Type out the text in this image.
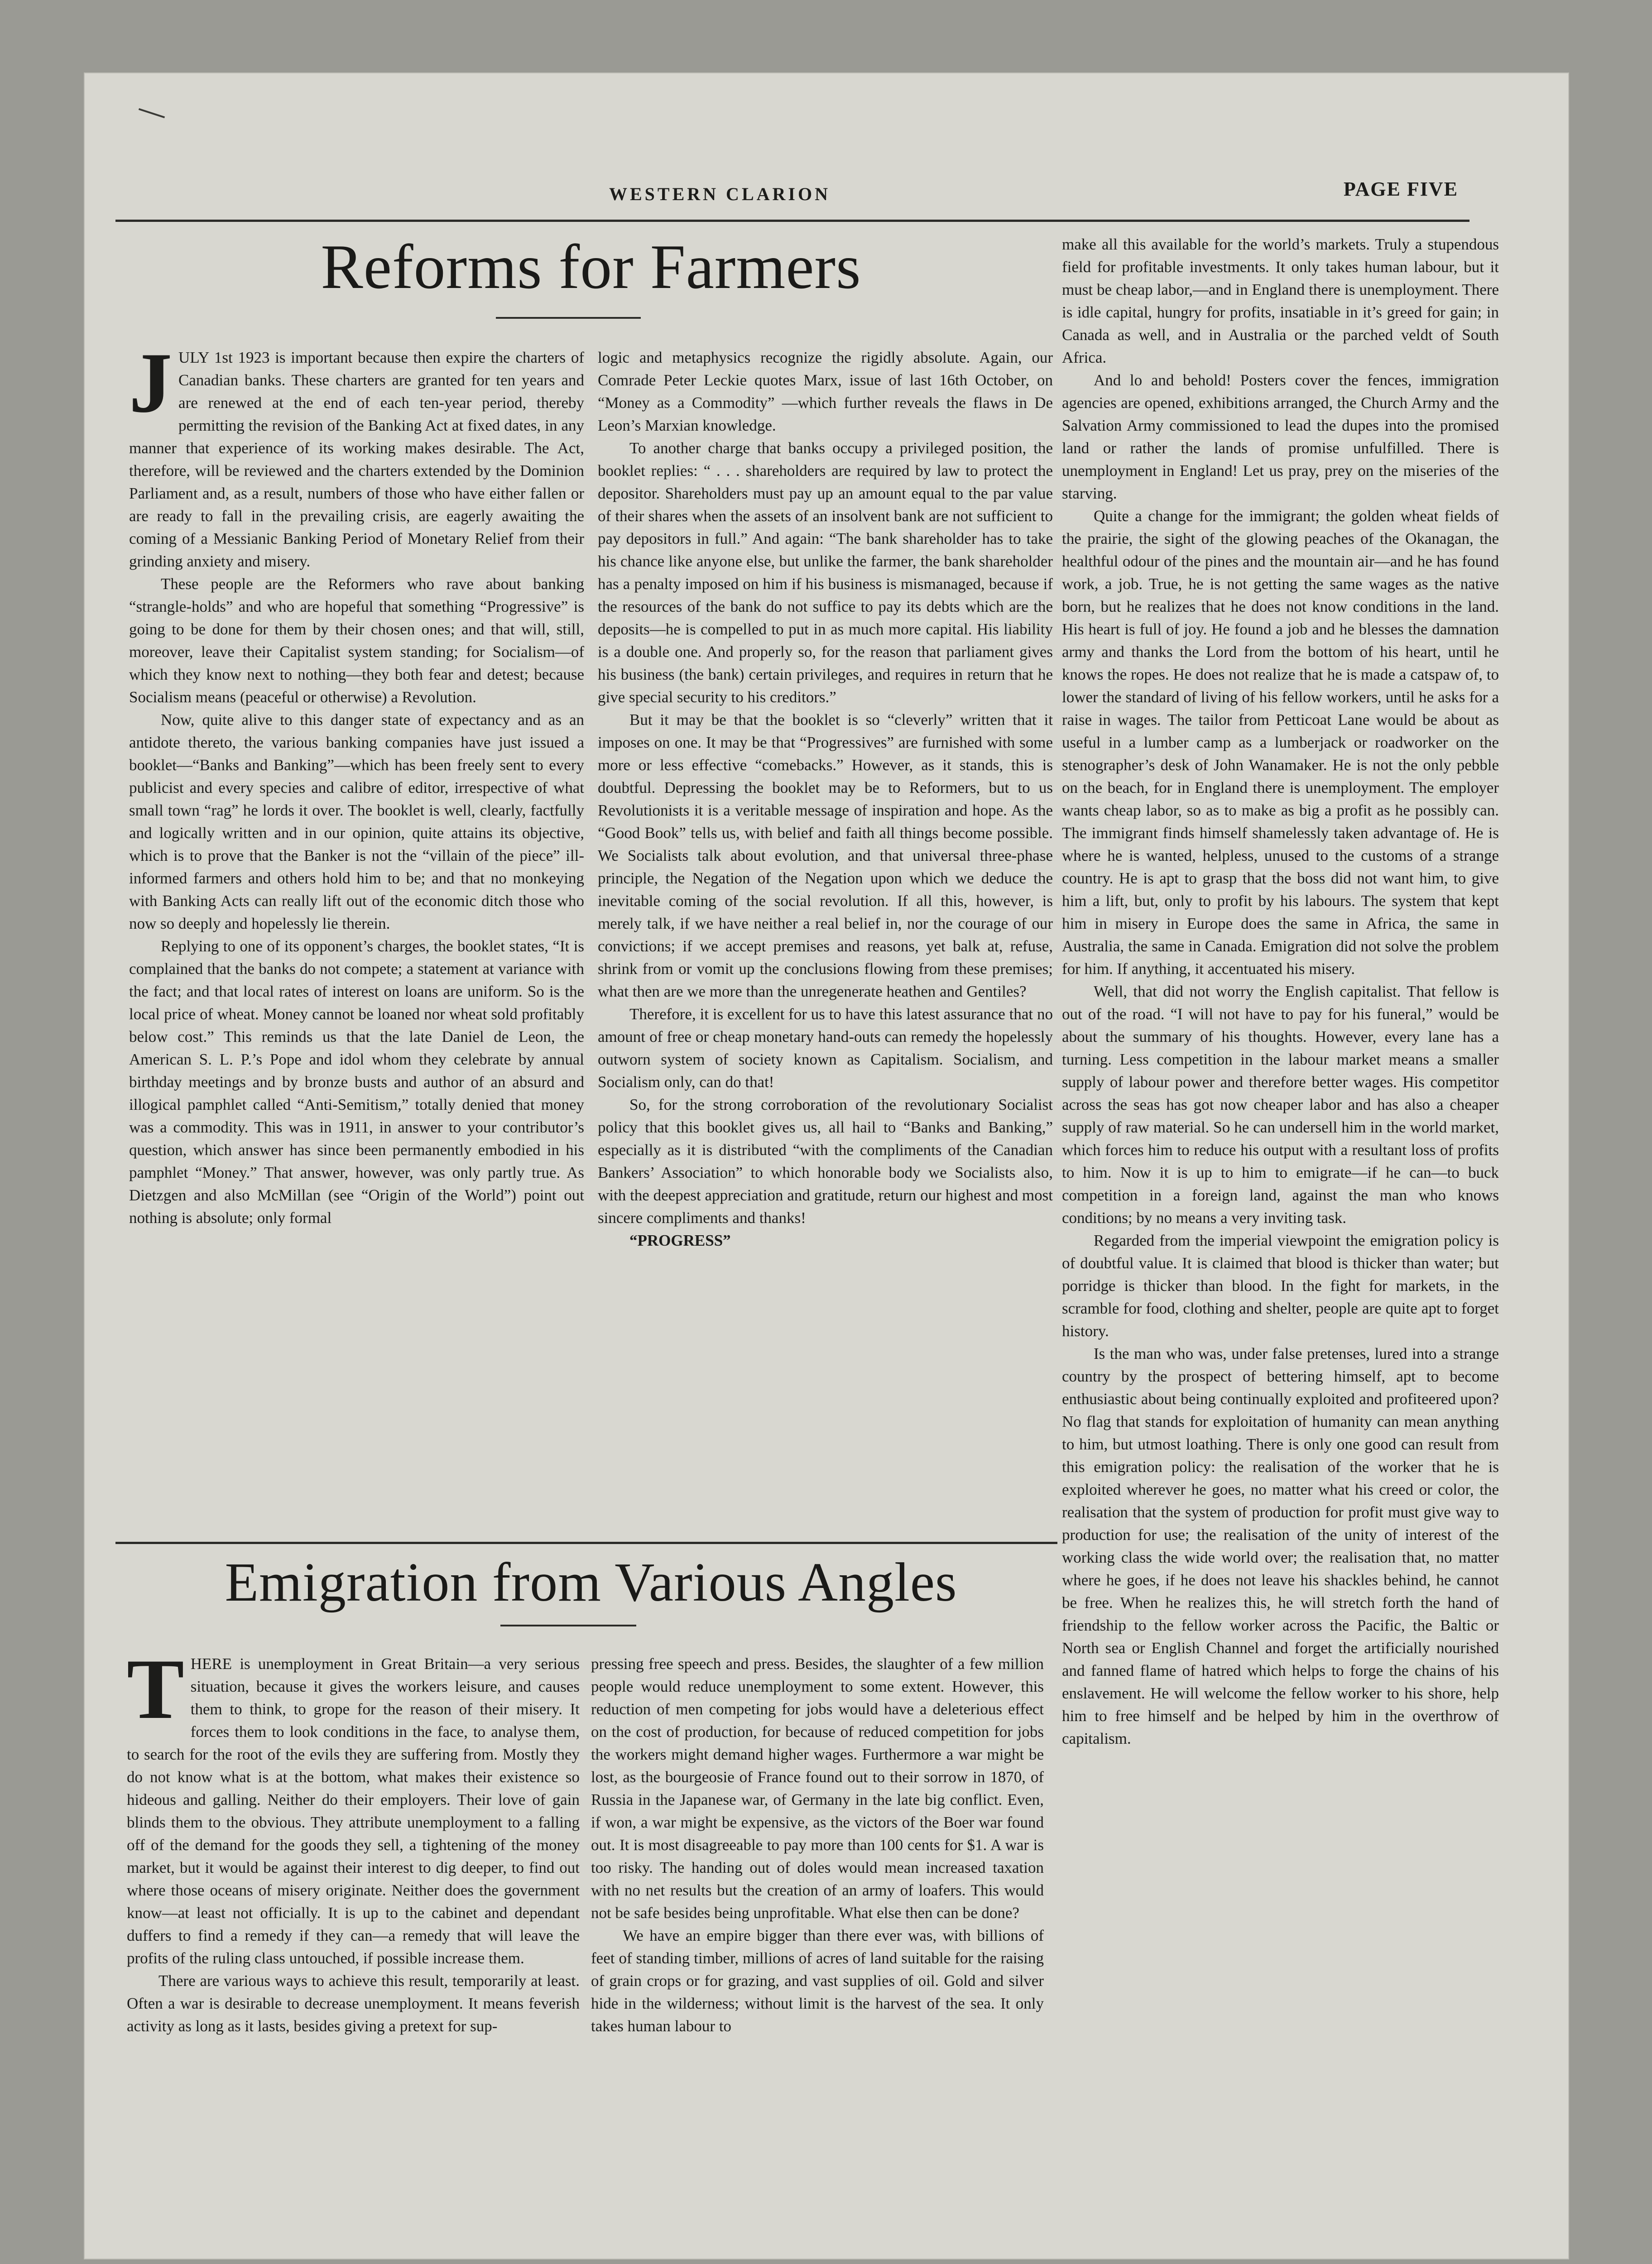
WESTERN CLARION	PAGE FIVE
Reforms for Farmers
J ULY 1st 1923 is important because then expire the charters of Canadian banks. These charters are granted for ten years and are renewed at the end of each ten-year period, thereby permitting the revision of the Banking Act at fixed dates, in any manner that experience of its working makes desirable. The Act, therefore, will be reviewed and the charters extended by the Dominion Parliament and, as a result, numbers of those who have either fallen or are ready to fall in the prevailing crisis, are eagerly awaiting the coming of a Messianic Banking Period of Monetary Relief from their grinding anxiety and misery.

These people are the Reformers who rave about banking “strangle-holds” and who are hopeful that something “Progressive” is going to be done for them by their chosen ones; and that will, still, moreover, leave their Capitalist system standing; for Socialism—of which they know next to nothing—they both fear and detest; because Socialism means (peaceful or otherwise) a Revolution.

Now, quite alive to this danger state of expectancy and as an antidote thereto, the various banking companies have just issued a booklet—“Banks and Banking”—which has been freely sent to every publicist and every species and calibre of editor, irrespective of what small town “rag” he lords it over. The booklet is well, clearly, factfully and logically written and in our opinion, quite attains its objective, which is to prove that the Banker is not the “villain of the piece” ill-informed farmers and others hold him to be; and that no monkeying with Banking Acts can really lift out of the economic ditch those who now so deeply and hopelessly lie therein.

Replying to one of its opponent’s charges, the booklet states, “It is complained that the banks do not compete; a statement at variance with the fact; and that local rates of interest on loans are uniform. So is the local price of wheat. Money cannot be loaned nor wheat sold profitably below cost.” This reminds us that the late Daniel de Leon, the American S. L. P.’s Pope and idol whom they celebrate by annual birthday meetings and by bronze busts and author of an absurd and illogical pamphlet called “Anti-Semitism,” totally denied that money was a commodity. This was in 1911, in answer to your contributor’s question, which answer has since been permanently embodied in his pamphlet “Money.” That answer, however, was only partly true. As Dietzgen and also McMillan (see “Origin of the World”) point out nothing is absolute; only formal

logic and metaphysics recognize the rigidly absolute. Again, our Comrade Peter Leckie quotes Marx, issue of last 16th October, on “Money as a Commodity” —which further reveals the flaws in De Leon’s Marxian knowledge.

To another charge that banks occupy a privileged position, the booklet replies: “ . . . shareholders are required by law to protect the depositor. Shareholders must pay up an amount equal to the par value of their shares when the assets of an insolvent bank are not sufficient to pay depositors in full.” And again: “The bank shareholder has to take his chance like anyone else, but unlike the farmer, the bank shareholder has a penalty imposed on him if his business is mismanaged, because if the resources of the bank do not suffice to pay its debts which are the deposits—he is compelled to put in as much more capital. His liability is a double one. And properly so, for the reason that parliament gives his business (the bank) certain privileges, and requires in return that he give special security to his creditors.”

But it may be that the booklet is so “cleverly” written that it imposes on one. It may be that “Progressives” are furnished with some more or less effective “comebacks.” However, as it stands, this is doubtful. Depressing the booklet may be to Reformers, but to us Revolutionists it is a veritable message of inspiration and hope. As the “Good Book” tells us, with belief and faith all things become possible. We Socialists talk about evolution, and that universal three-phase principle, the Negation of the Negation upon which we deduce the inevitable coming of the social revolution. If all this, however, is merely talk, if we have neither a real belief in, nor the courage of our convictions; if we accept premises and reasons, yet balk at, refuse, shrink from or vomit up the conclusions flowing from these premises; what then are we more than the unregenerate heathen and Gentiles?

Therefore, it is excellent for us to have this latest assurance that no amount of free or cheap monetary hand-outs can remedy the hopelessly outworn system of society known as Capitalism. Socialism, and Socialism only, can do that!

So, for the strong corroboration of the revolutionary Socialist policy that this booklet gives us, all hail to “Banks and Banking,” especially as it is distributed “with the compliments of the Canadian Bankers’ Association” to which honorable body we Socialists also, with the deepest appreciation and gratitude, return our highest and most sincere compliments and thanks!

“PROGRESS”

Emigration from Various Angles
T HERE is unemployment in Great Britain—a very serious situation, because it gives the workers leisure, and causes them to think, to grope for the reason of their misery. It forces them to look conditions in the face, to analyse them, to search for the root of the evils they are suffering from. Mostly they do not know what is at the bottom, what makes their existence so hideous and galling. Neither do their employers. Their love of gain blinds them to the obvious. They attribute unemployment to a falling off of the demand for the goods they sell, a tightening of the money market, but it would be against their interest to dig deeper, to find out where those oceans of misery originate. Neither does the government know—at least not officially. It is up to the cabinet and dependant duffers to find a remedy if they can—a remedy that will leave the profits of the ruling class untouched, if possible increase them.

There are various ways to achieve this result, temporarily at least. Often a war is desirable to decrease unemployment. It means feverish activity as long as it lasts, besides giving a pretext for sup-

pressing free speech and press. Besides, the slaughter of a few million people would reduce unemployment to some extent. However, this reduction of men competing for jobs would have a deleterious effect on the cost of production, for because of reduced competition for jobs the workers might demand higher wages. Furthermore a war might be lost, as the bourgeosie of France found out to their sorrow in 1870, of Russia in the Japanese war, of Germany in the late big conflict. Even, if won, a war might be expensive, as the victors of the Boer war found out. It is most disagreeable to pay more than 100 cents for $1. A war is too risky. The handing out of doles would mean increased taxation with no net results but the creation of an army of loafers. This would not be safe besides being unprofitable. What else then can be done?

We have an empire bigger than there ever was, with billions of feet of standing timber, millions of acres of land suitable for the raising of grain crops or for grazing, and vast supplies of oil. Gold and silver hide in the wilderness; without limit is the harvest of the sea. It only takes human labour to

make all this available for the world’s markets. Truly a stupendous field for profitable investments. It only takes human labour, but it must be cheap labor,—and in England there is unemployment. There is idle capital, hungry for profits, insatiable in it’s greed for gain; in Canada as well, and in Australia or the parched veldt of South Africa.

And lo and behold! Posters cover the fences, immigration agencies are opened, exhibitions arranged, the Church Army and the Salvation Army commissioned to lead the dupes into the promised land or rather the lands of promise unfulfilled. There is unemployment in England! Let us pray, prey on the miseries of the starving.

Quite a change for the immigrant; the golden wheat fields of the prairie, the sight of the glowing peaches of the Okanagan, the healthful odour of the pines and the mountain air—and he has found work, a job. True, he is not getting the same wages as the native born, but he realizes that he does not know conditions in the land. His heart is full of joy. He found a job and he blesses the damnation army and thanks the Lord from the bottom of his heart, until he knows the ropes. He does not realize that he is made a catspaw of, to lower the standard of living of his fellow workers, until he asks for a raise in wages. The tailor from Petticoat Lane would be about as useful in a lumber camp as a lumberjack or roadworker on the stenographer’s desk of John Wanamaker. He is not the only pebble on the beach, for in England there is unemployment. The employer wants cheap labor, so as to make as big a profit as he possibly can. The immigrant finds himself shamelessly taken advantage of. He is where he is wanted, helpless, unused to the customs of a strange country. He is apt to grasp that the boss did not want him, to give him a lift, but, only to profit by his labours. The system that kept him in misery in Europe does the same in Africa, the same in Australia, the same in Canada. Emigration did not solve the problem for him. If anything, it accentuated his misery.

Well, that did not worry the English capitalist. That fellow is out of the road. “I will not have to pay for his funeral,” would be about the summary of his thoughts. However, every lane has a turning. Less competition in the labour market means a smaller supply of labour power and therefore better wages. His competitor across the seas has got now cheaper labor and has also a cheaper supply of raw material. So he can undersell him in the world market, which forces him to reduce his output with a resultant loss of profits to him. Now it is up to him to emigrate—if he can—to buck competition in a foreign land, against the man who knows conditions; by no means a very inviting task.

Regarded from the imperial viewpoint the emigration policy is of doubtful value. It is claimed that blood is thicker than water; but porridge is thicker than blood. In the fight for markets, in the scramble for food, clothing and shelter, people are quite apt to forget history.

Is the man who was, under false pretenses, lured into a strange country by the prospect of bettering himself, apt to become enthusiastic about being continually exploited and profiteered upon? No flag that stands for exploitation of humanity can mean anything to him, but utmost loathing. There is only one good can result from this emigration policy: the realisation of the worker that he is exploited wherever he goes, no matter what his creed or color, the realisation that the system of production for profit must give way to production for use; the realisation of the unity of interest of the working class the wide world over; the realisation that, no matter where he goes, if he does not leave his shackles behind, he cannot be free. When he realizes this, he will stretch forth the hand of friendship to the fellow worker across the Pacific, the Baltic or North sea or English Channel and forget the artificially nourished and fanned flame of hatred which helps to forge the chains of his enslavement. He will welcome the fellow worker to his shore, help him to free himself and be helped by him in the overthrow of capitalism.
